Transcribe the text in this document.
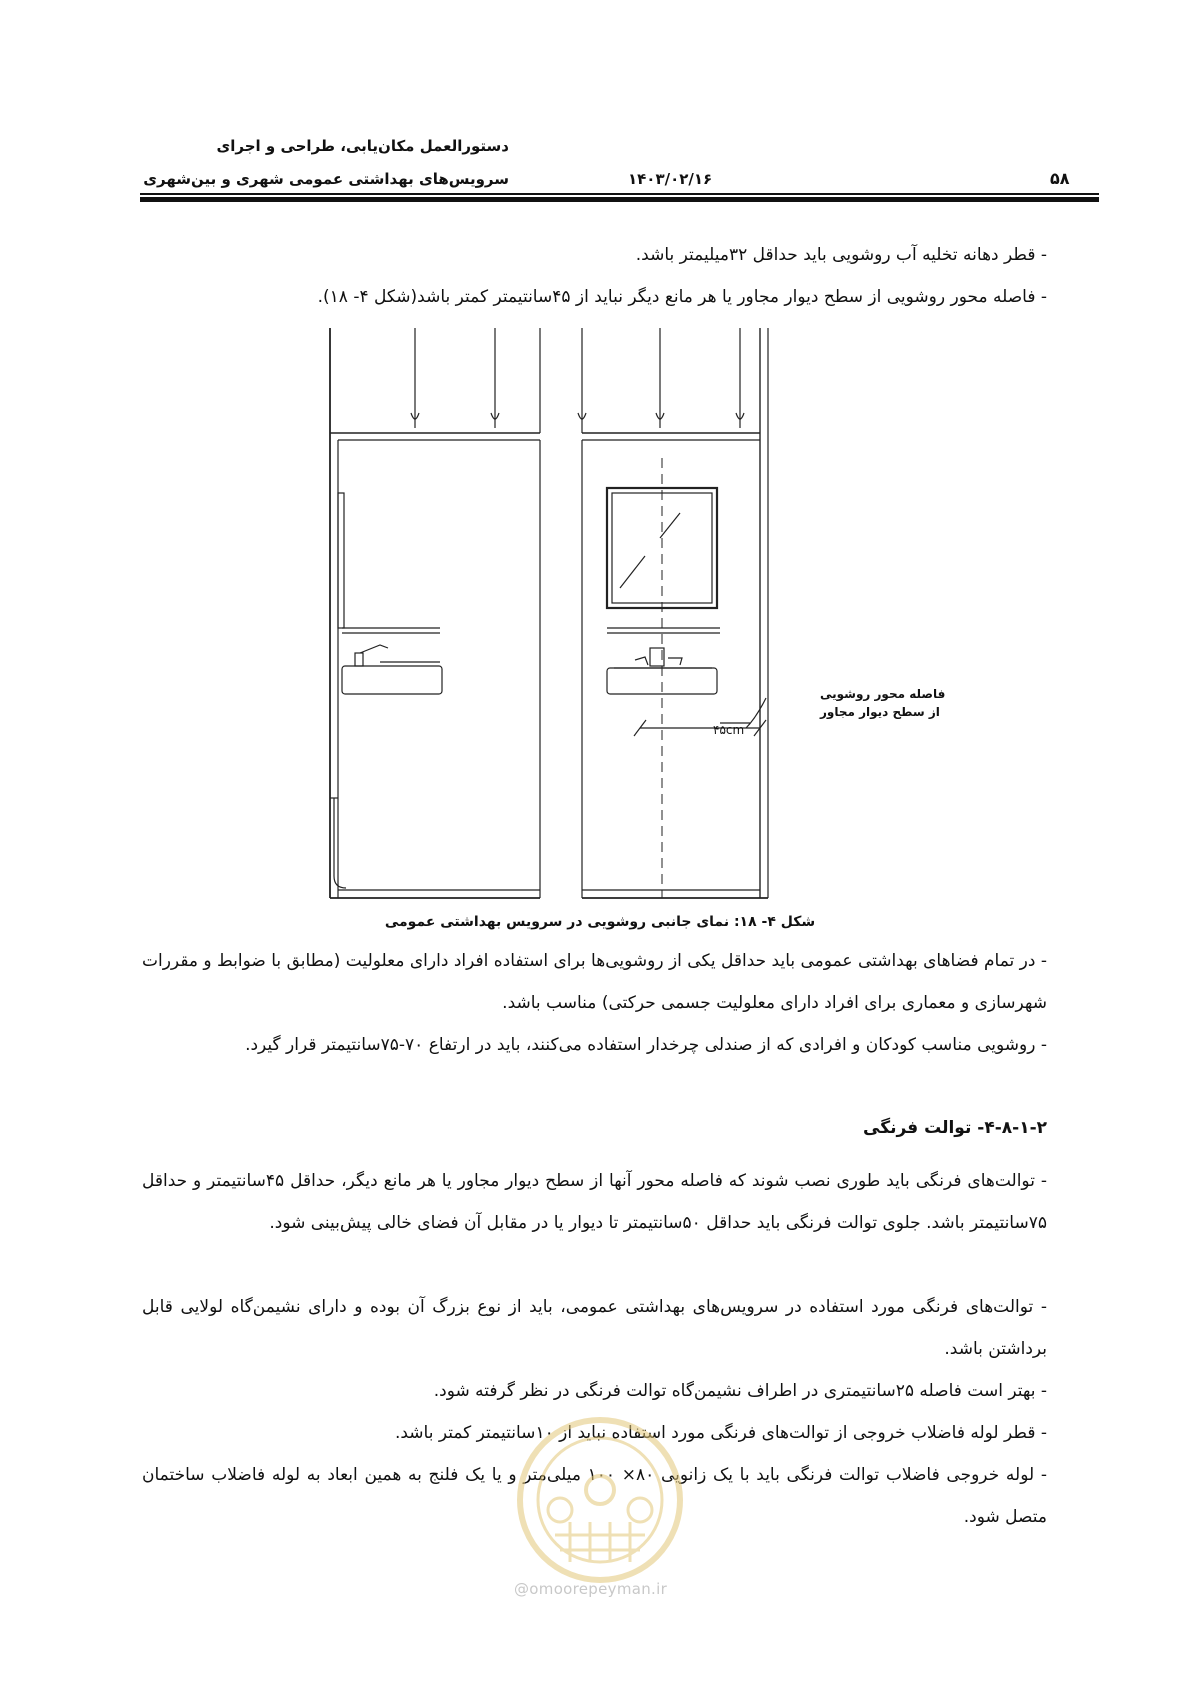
دستورالعمل مکان‌یابی، طراحی و اجرای
سرویس‌های بهداشتی عمومی شهری و بین‌شهری	۱۴۰۳/۰۲/۱۶	۵۸
- قطر دهانه تخلیه آب روشویی باید حداقل ۳۲میلیمتر باشد.
- فاصله محور روشویی از سطح دیوار مجاور یا هر مانع دیگر نباید از ۴۵سانتیمتر کمتر باشد(شکل ۴- ۱۸).
۴۵cm
فاصله محور روشویی
از سطح دیوار مجاور
شکل ۴- ۱۸: نمای جانبی روشویی در سرویس بهداشتی عمومی
- در تمام فضاهای بهداشتی عمومی باید حداقل یکی از روشویی‌ها برای استفاده افراد دارای معلولیت (مطابق با ضوابط و مقررات شهرسازی و معماری برای افراد دارای معلولیت جسمی حرکتی) مناسب باشد.
- روشویی مناسب کودکان و افرادی که از صندلی چرخدار استفاده می‌کنند، باید در ارتفاع ۷۰-۷۵سانتیمتر قرار گیرد.
۴-۸-۱-۲- توالت فرنگی
- توالت‌های فرنگی باید طوری نصب شوند که فاصله محور آنها از سطح دیوار مجاور یا هر مانع دیگر، حداقل ۴۵سانتیمتر و حداقل ۷۵سانتیمتر باشد. جلوی توالت فرنگی باید حداقل ۵۰سانتیمتر تا دیوار یا در مقابل آن فضای خالی پیش‌بینی شود.
- توالت‌های فرنگی مورد استفاده در سرویس‌های بهداشتی عمومی، باید از نوع بزرگ آن بوده و دارای نشیمن‌گاه لولایی قابل برداشتن باشد.
- بهتر است فاصله ۲۵سانتیمتری در اطراف نشیمن‌گاه توالت فرنگی در نظر گرفته شود.
- قطر لوله فاضلاب خروجی از توالت‌های فرنگی مورد استفاده نباید از ۱۰سانتیمتر کمتر باشد.
- لوله خروجی فاضلاب توالت فرنگی باید با یک زانویی ۸۰× ۱۰۰ میلی‌متر و یا یک فلنج به همین ابعاد به لوله فاضلاب ساختمان متصل شود.
@omoorepeyman.ir
